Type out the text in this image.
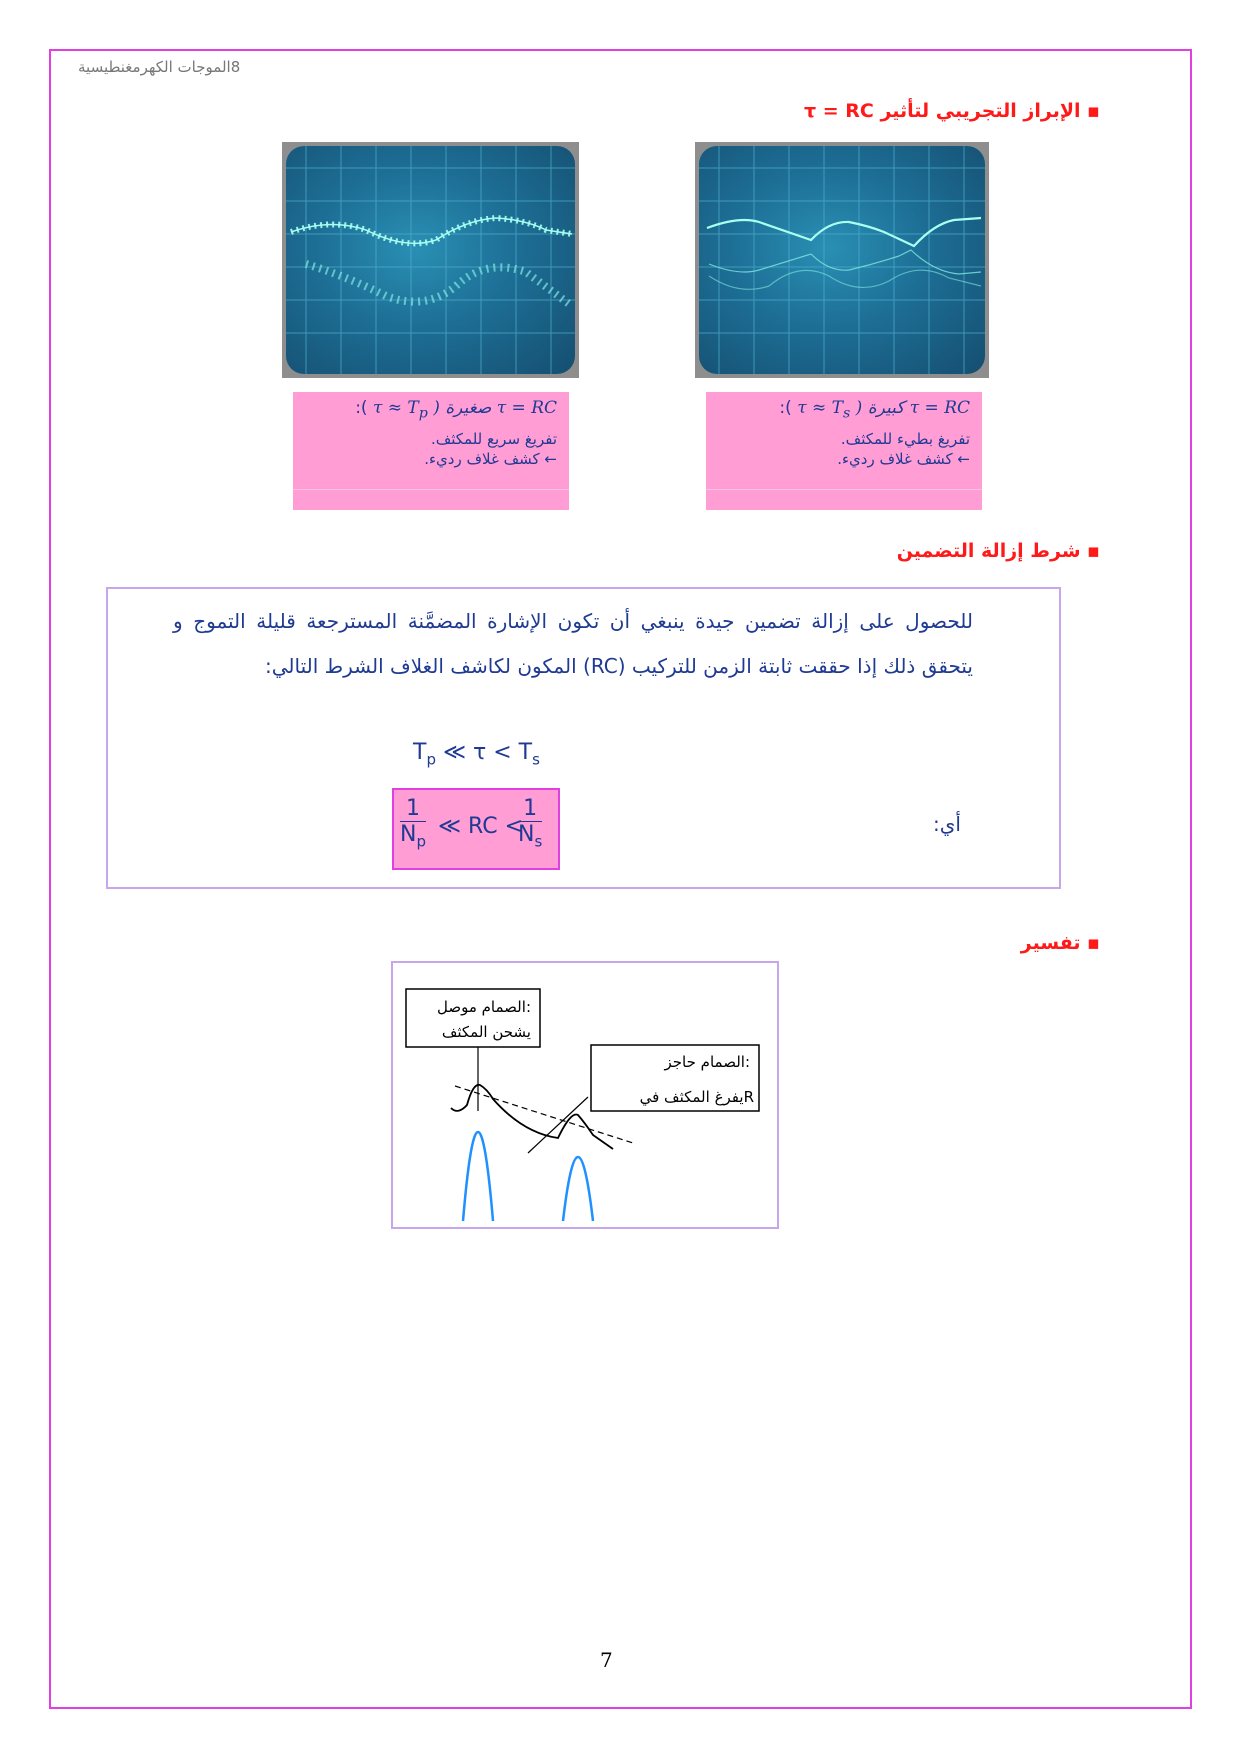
8الموجات الكهرمغنطيسية
▪ الإبراز التجريبي لتأثير τ = RC
τ = RC كبيرة ( $\tau \approx T_s$ ):
تفريغ بطيء للمكثف.
← كشف غلاف رديء.
τ = RC صغيرة ( $\tau \approx T_p$ ):
تفريغ سريع للمكثف.
← كشف غلاف رديء.
▪ شرط إزالة التضمين
للحصول على إزالة تضمين جيدة ينبغي أن تكون الإشارة المضمَّنة المسترجعة قليلة التموج و يتحقق ذلك إذا حققت ثابتة الزمن للتركيب (RC) المكون لكاشف الغلاف الشرط التالي:
$T_p$ ≪ $\tau < T_s$
أي:
$\frac{1}{N_p}$ ≪ RC <
$\frac{1}{N_s}$
▪ تفسير
الصمام موصل:
يشحن المكثف
الصمام حاجز:
يفرغ المكثف فيR
7
